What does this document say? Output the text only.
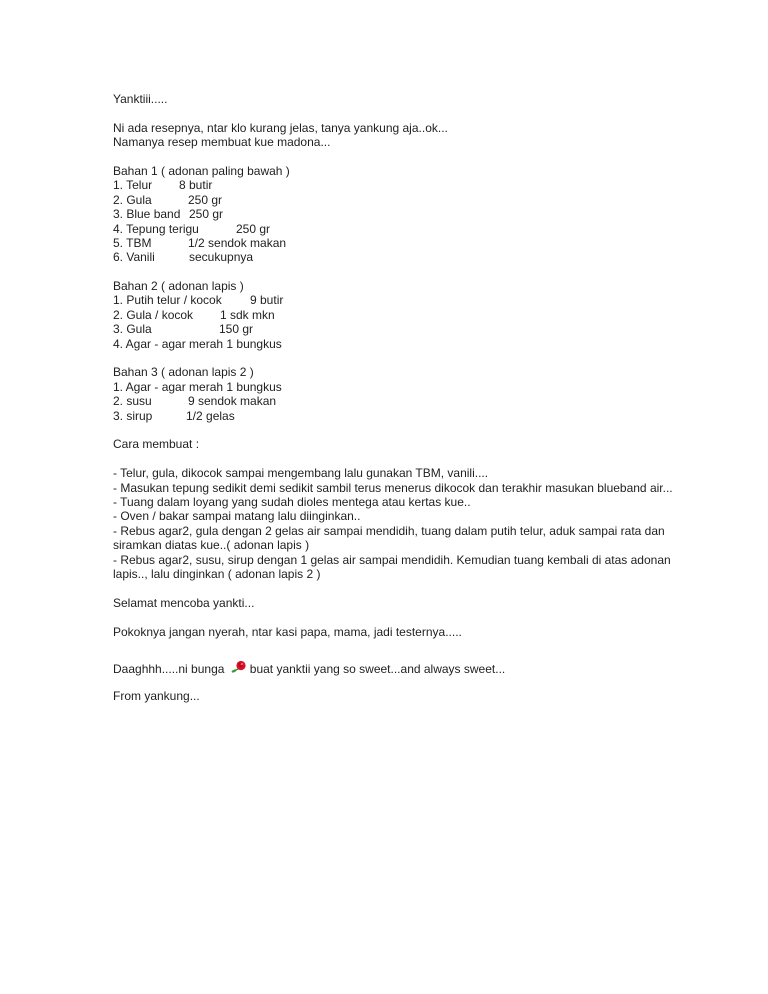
Yanktiii.....
Ni ada resepnya, ntar klo kurang jelas, tanya yankung aja..ok...
Namanya resep membuat kue madona...
Bahan 1 ( adonan paling bawah )
1. Telur	8 butir
2. Gula	250 gr
3. Blue band 250 gr
4. Tepung terigu	250 gr
5. TBM	1/2 sendok makan
6. Vanili	secukupnya
Bahan 2 ( adonan lapis )
1. Putih telur / kocok	9 butir
2. Gula / kocok	1 sdk mkn
3. Gula	150 gr
4. Agar - agar merah 1 bungkus
Bahan 3 ( adonan lapis 2 )
1. Agar - agar merah 1 bungkus
2. susu	9 sendok makan
3. sirup	1/2 gelas
Cara membuat :
- Telur, gula, dikocok sampai mengembang lalu gunakan TBM, vanili....
- Masukan tepung sedikit demi sedikit sambil terus menerus dikocok dan terakhir masukan blueband air...
- Tuang dalam loyang yang sudah dioles mentega atau kertas kue..
- Oven / bakar sampai matang lalu diinginkan..
- Rebus agar2, gula dengan 2 gelas air sampai mendidih, tuang dalam putih telur, aduk sampai rata dan siramkan diatas kue..( adonan lapis )
- Rebus agar2, susu, sirup dengan 1 gelas air sampai mendidih. Kemudian tuang kembali di atas adonan lapis.., lalu dinginkan ( adonan lapis 2 )
Selamat mencoba yankti...
Pokoknya jangan nyerah, ntar kasi papa, mama, jadi testernya.....
Daaghhh.....ni bunga buat yanktii yang so sweet...and always sweet...
From yankung...
